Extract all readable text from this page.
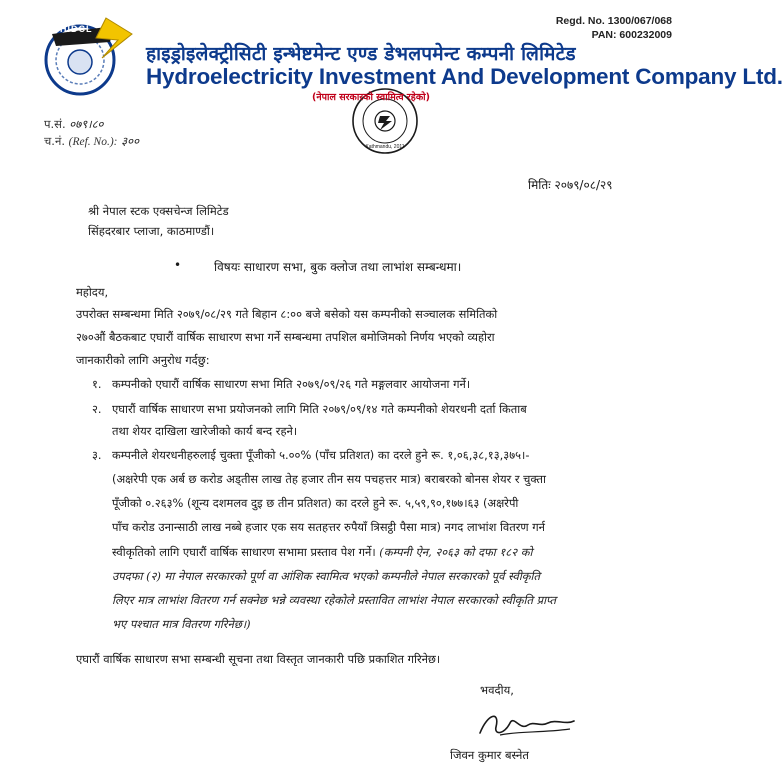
HIDCL
Regd. No. 1300/067/068
PAN: 600232009
हाइड्रोइलेक्ट्रीसिटी इन्भेष्टमेन्ट एण्ड डेभलपमेन्ट कम्पनी लिमिटेड
Hydroelectricity Investment And Development Company Ltd.
Kathmandu, 2011
(नेपाल सरकारको स्वामित्व रहेको)
प.सं. ०७९।८०
च.नं. (Ref. No.): ३००
मितिः २०७९/०८/२९
श्री नेपाल स्टक एक्सचेन्ज लिमिटेड
सिंहदरबार प्लाजा, काठमाण्डौं।
•	विषयः साधारण सभा, बुक क्लोज तथा लाभांश सम्बन्धमा।
महोदय,
उपरोक्त सम्बन्धमा मिति २०७९/०८/२९ गते बिहान ८:०० बजे बसेको यस कम्पनीको सञ्चालक समितिको
२७०औं बैठकबाट एघारौं वार्षिक साधारण सभा गर्ने सम्बन्धमा तपशिल बमोजिमको निर्णय भएको व्यहोरा
जानकारीको लागि अनुरोध गर्दछु:
१. कम्पनीको एघारौं वार्षिक साधारण सभा मिति २०७९/०९/२६ गते मङ्गलवार आयोजना गर्ने।
२. एघारौं वार्षिक साधारण सभा प्रयोजनको लागि मिति २०७९/०९/१४ गते कम्पनीको शेयरधनी दर्ता किताब
तथा शेयर दाखिला खारेजीको कार्य बन्द रहने।
३. कम्पनीले शेयरधनीहरुलाई चुक्ता पूँजीको ५.००% (पाँच प्रतिशत) का दरले हुने रू. १,०६,३८,१३,३७५।-
(अक्षरेपी एक अर्ब छ करोड अड्तीस लाख तेह हजार तीन सय पचहत्तर मात्र) बराबरको बोनस शेयर र चुक्ता
पूँजीको ०.२६३% (शून्य दशमलव दुइ छ तीन प्रतिशत) का दरले हुने रू. ५,५९,९०,१७७।६३ (अक्षरेपी
पाँच करोड उनान्साठी लाख नब्बे हजार एक सय सतहत्तर रुपैयाँ त्रिसट्ठी पैसा मात्र) नगद लाभांश वितरण गर्न
स्वीकृतिको लागि एघारौं वार्षिक साधारण सभामा प्रस्ताव पेश गर्ने। (कम्पनी ऐन, २०६३ को दफा १८२ को
उपदफा (२) मा नेपाल सरकारको पूर्ण वा आंशिक स्वामित्व भएको कम्पनीले नेपाल सरकारको पूर्व स्वीकृति
लिएर मात्र लाभांश वितरण गर्न सक्नेछ भन्ने व्यवस्था रहेकोले प्रस्तावित लाभांश नेपाल सरकारको स्वीकृति प्राप्त
भए पश्चात मात्र वितरण गरिनेछ।)
एघारौं वार्षिक साधारण सभा सम्बन्धी सूचना तथा विस्तृत जानकारी पछि प्रकाशित गरिनेछ।
भवदीय,
जिवन कुमार बस्नेत
